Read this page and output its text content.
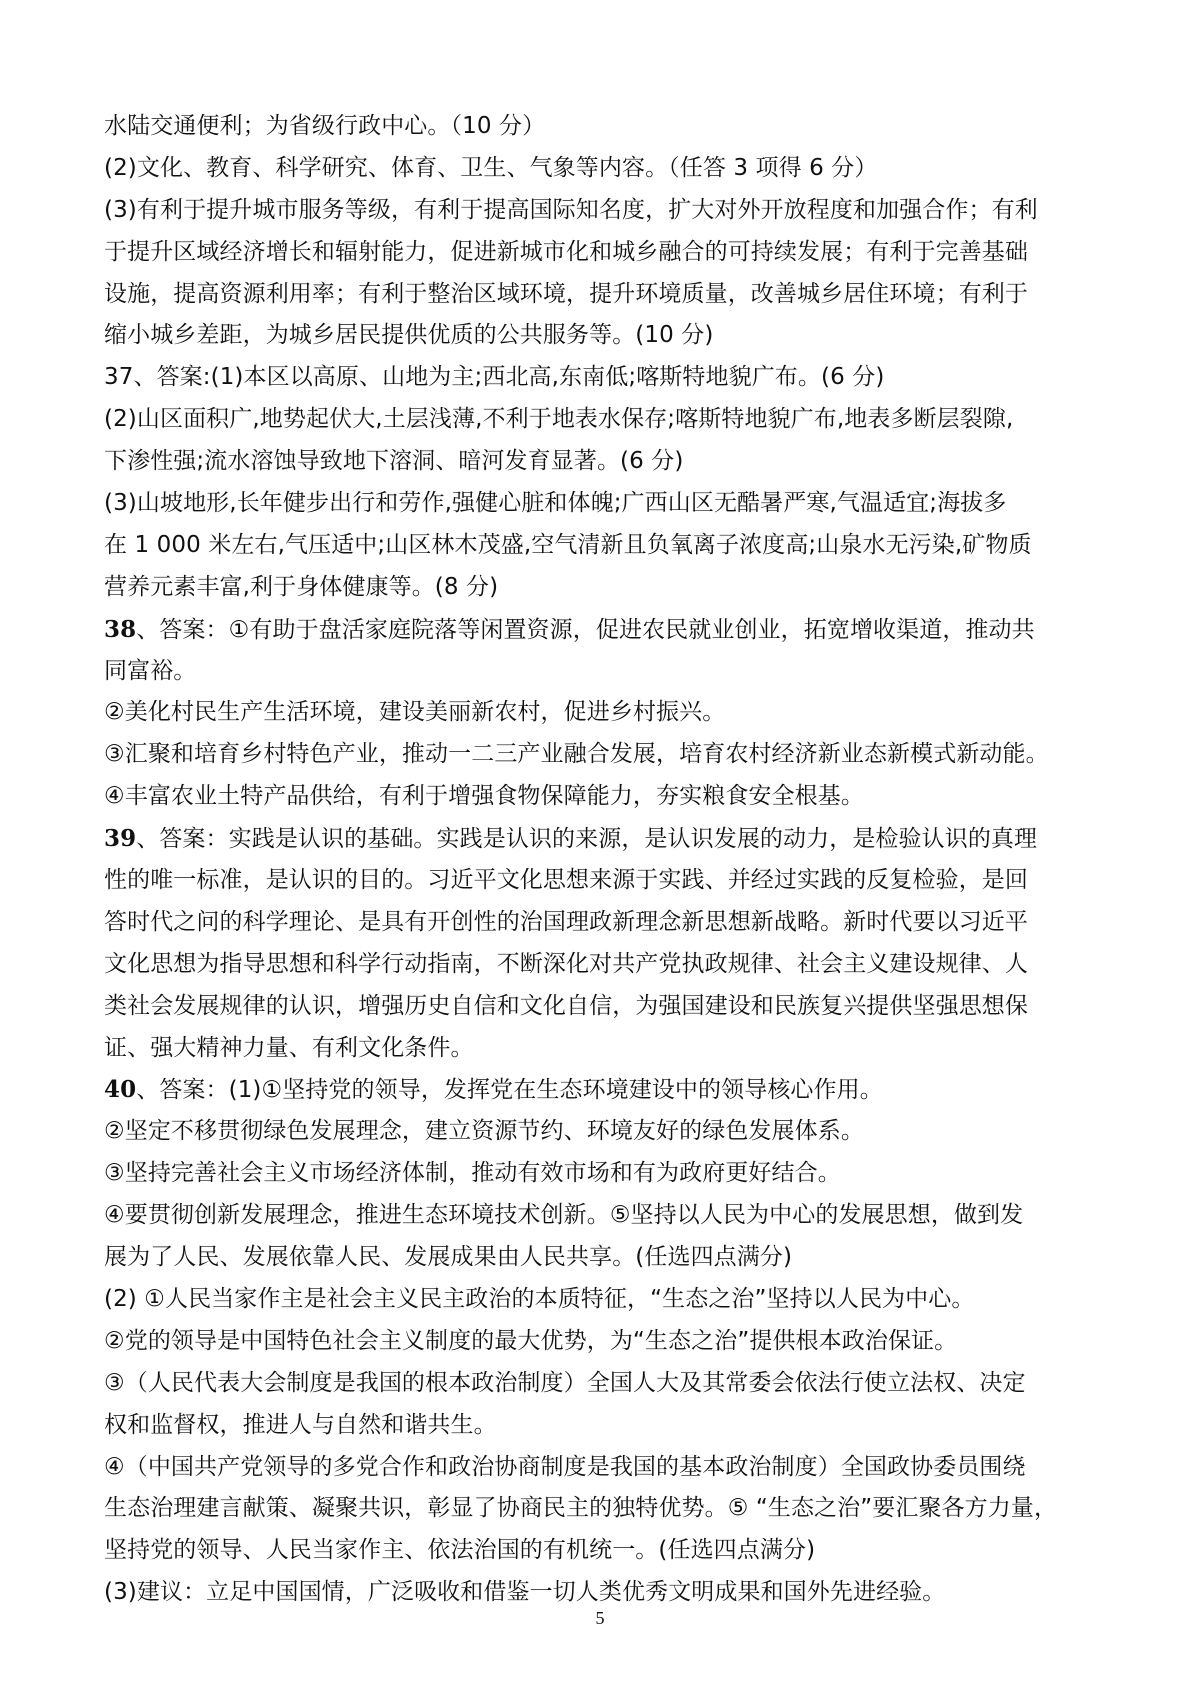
水陆交通便利；为省级行政中心。（10 分）
(2)文化、教育、科学研究、体育、卫生、气象等内容。（任答 3 项得 6 分）
(3)有利于提升城市服务等级，有利于提高国际知名度，扩大对外开放程度和加强合作；有利
于提升区域经济增长和辐射能力，促进新城市化和城乡融合的可持续发展；有利于完善基础
设施，提高资源利用率；有利于整治区域环境，提升环境质量，改善城乡居住环境；有利于
缩小城乡差距，为城乡居民提供优质的公共服务等。(10 分)
37、答案:(1)本区以高原、山地为主;西北高,东南低;喀斯特地貌广布。(6 分)
(2)山区面积广,地势起伏大,土层浅薄,不利于地表水保存;喀斯特地貌广布,地表多断层裂隙,
下渗性强;流水溶蚀导致地下溶洞、暗河发育显著。(6 分)
(3)山坡地形,长年健步出行和劳作,强健心脏和体魄;广西山区无酷暑严寒,气温适宜;海拔多
在 1 000 米左右,气压适中;山区林木茂盛,空气清新且负氧离子浓度高;山泉水无污染,矿物质
营养元素丰富,利于身体健康等。(8 分)
38、答案：①有助于盘活家庭院落等闲置资源，促进农民就业创业，拓宽增收渠道，推动共
同富裕。
②美化村民生产生活环境，建设美丽新农村，促进乡村振兴。
③汇聚和培育乡村特色产业，推动一二三产业融合发展，培育农村经济新业态新模式新动能。
④丰富农业土特产品供给，有利于增强食物保障能力，夯实粮食安全根基。
39、答案：实践是认识的基础。实践是认识的来源，是认识发展的动力，是检验认识的真理
性的唯一标准，是认识的目的。习近平文化思想来源于实践、并经过实践的反复检验，是回
答时代之问的科学理论、是具有开创性的治国理政新理念新思想新战略。新时代要以习近平
文化思想为指导思想和科学行动指南，不断深化对共产党执政规律、社会主义建设规律、人
类社会发展规律的认识，增强历史自信和文化自信，为强国建设和民族复兴提供坚强思想保
证、强大精神力量、有利文化条件。
40、答案：(1)①坚持党的领导，发挥党在生态环境建设中的领导核心作用。
②坚定不移贯彻绿色发展理念，建立资源节约、环境友好的绿色发展体系。
③坚持完善社会主义市场经济体制，推动有效市场和有为政府更好结合。
④要贯彻创新发展理念，推进生态环境技术创新。⑤坚持以人民为中心的发展思想，做到发
展为了人民、发展依靠人民、发展成果由人民共享。(任选四点满分)
(2) ①人民当家作主是社会主义民主政治的本质特征，“生态之治”坚持以人民为中心。
②党的领导是中国特色社会主义制度的最大优势，为“生态之治”提供根本政治保证。
③（人民代表大会制度是我国的根本政治制度）全国人大及其常委会依法行使立法权、决定
权和监督权，推进人与自然和谐共生。
④（中国共产党领导的多党合作和政治协商制度是我国的基本政治制度）全国政协委员围绕
生态治理建言献策、凝聚共识，彰显了协商民主的独特优势。⑤ “生态之治”要汇聚各方力量，
坚持党的领导、人民当家作主、依法治国的有机统一。(任选四点满分)
(3)建议：立足中国国情，广泛吸收和借鉴一切人类优秀文明成果和国外先进经验。
5
